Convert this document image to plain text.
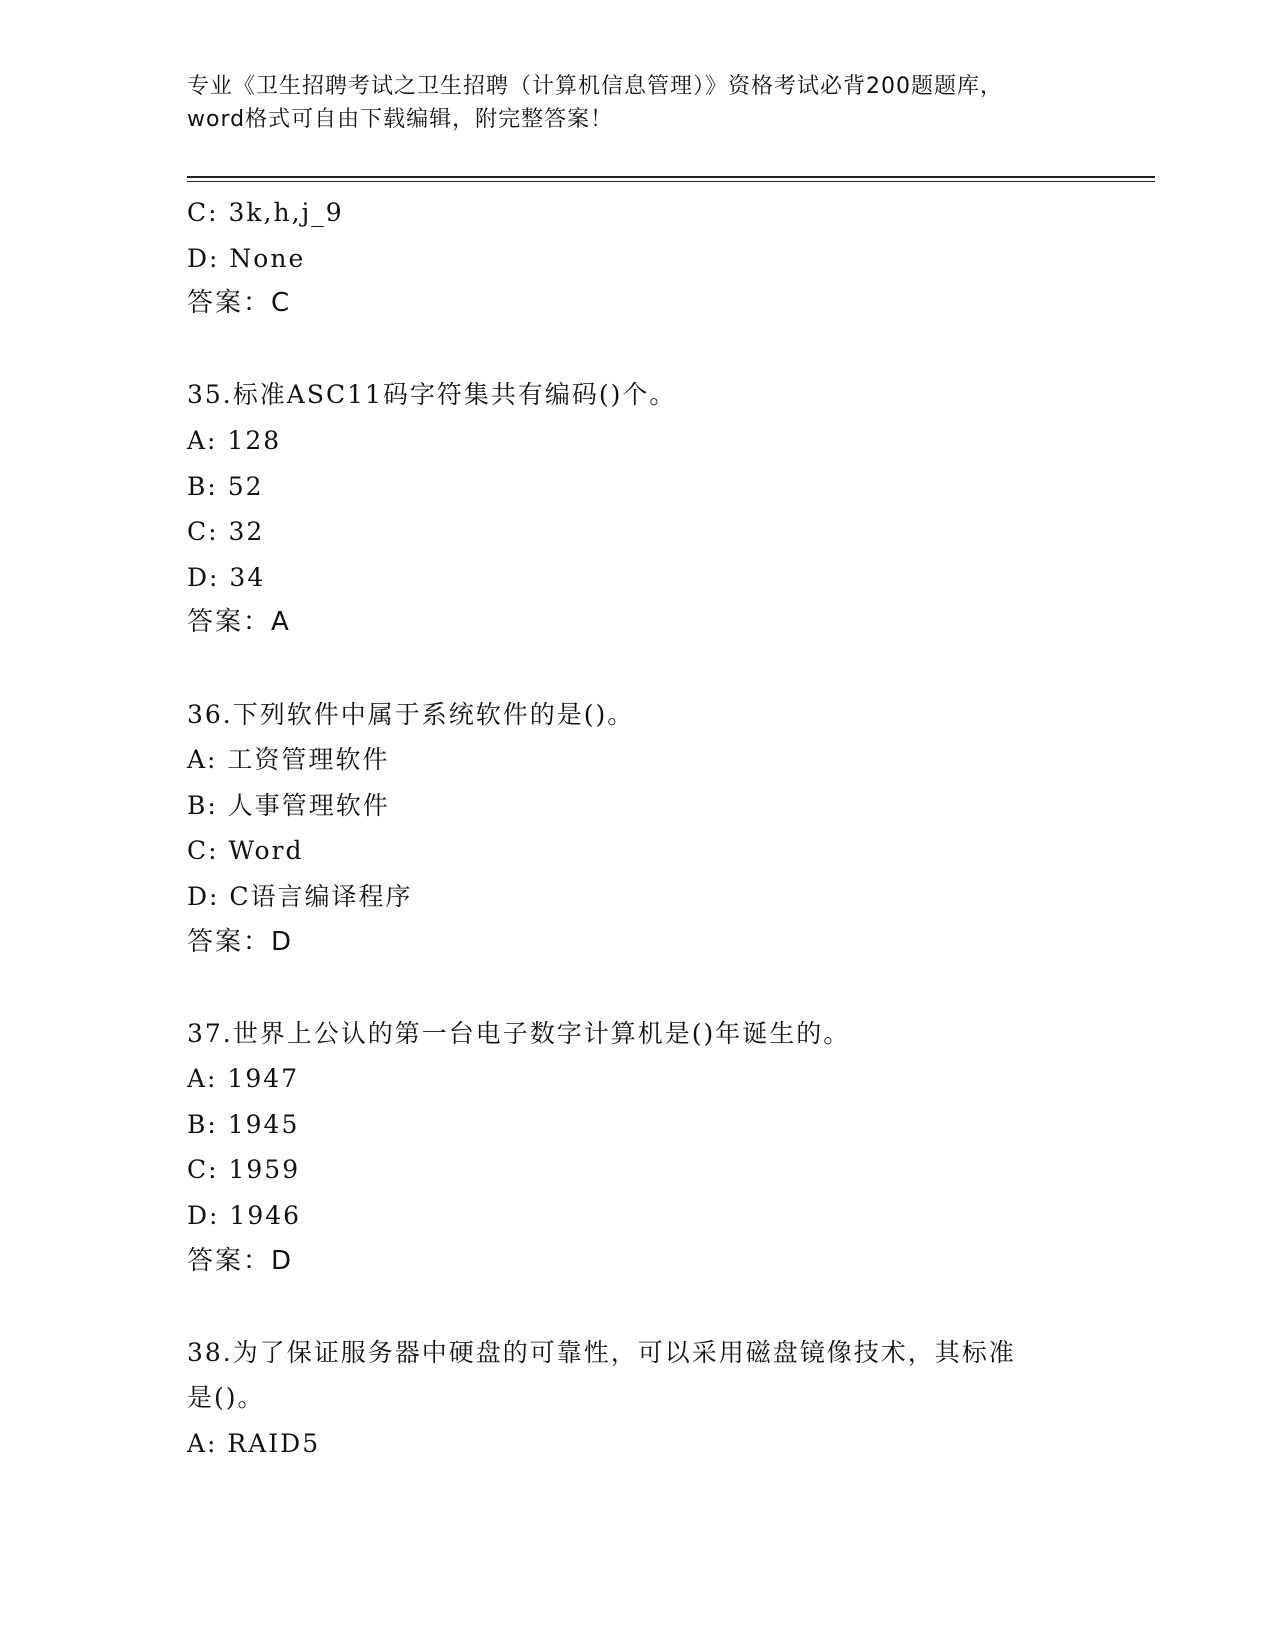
专业《卫生招聘考试之卫生招聘（计算机信息管理）》资格考试必背200题题库，
word格式可自由下载编辑，附完整答案！
C: 3k,h,j_9
D: None
答案：C
35.标准ASC11码字符集共有编码()个。
A: 128
B: 52
C: 32
D: 34
答案：A
36.下列软件中属于系统软件的是()。
A: 工资管理软件
B: 人事管理软件
C: Word
D: C语言编译程序
答案：D
37.世界上公认的第一台电子数字计算机是()年诞生的。
A: 1947
B: 1945
C: 1959
D: 1946
答案：D
38.为了保证服务器中硬盘的可靠性，可以采用磁盘镜像技术，其标准
是()。
A: RAID5
